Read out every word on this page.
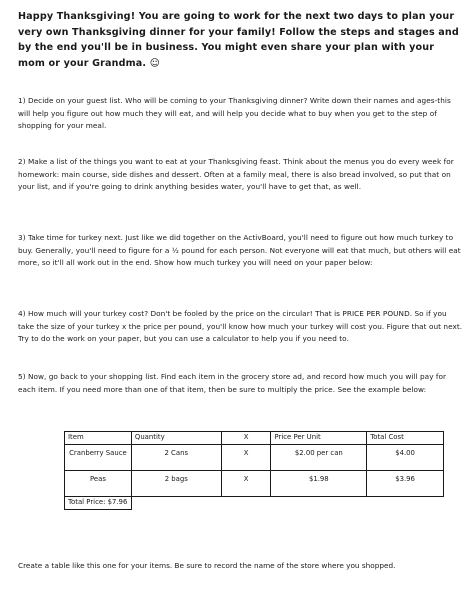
Happy Thanksgiving! You are going to work for the next two days to plan your very own Thanksgiving dinner for your family! Follow the steps and stages and by the end you'll be in business. You might even share your plan with your mom or your Grandma. ☺

1) Decide on your guest list. Who will be coming to your Thanksgiving dinner? Write down their names and ages-this will help you figure out how much they will eat, and will help you decide what to buy when you get to the step of shopping for your meal.

2) Make a list of the things you want to eat at your Thanksgiving feast. Think about the menus you do every week for homework: main course, side dishes and dessert. Often at a family meal, there is also bread involved, so put that on your list, and if you're going to drink anything besides water, you'll have to get that, as well.

3) Take time for turkey next. Just like we did together on the ActivBoard, you'll need to figure out how much turkey to buy. Generally, you'll need to figure for a ½ pound for each person. Not everyone will eat that much, but others will eat more, so it'll all work out in the end. Show how much turkey you will need on your paper below:

4) How much will your turkey cost? Don't be fooled by the price on the circular! That is PRICE PER POUND. So if you take the size of your turkey x the price per pound, you'll know how much your turkey will cost you. Figure that out next. Try to do the work on your paper, but you can use a calculator to help you if you need to.

5) Now, go back to your shopping list. Find each item in the grocery store ad, and record how much you will pay for each item. If you need more than one of that item, then be sure to multiply the price. See the example below:

Item	Quantity	X	Price Per Unit	Total Cost
Cranberry Sauce	2 Cans	X	$2.00 per can	$4.00
Peas	2 bags	X	$1.98	$3.96
Total Price: $7.96				

Create a table like this one for your items. Be sure to record the name of the store where you shopped.
